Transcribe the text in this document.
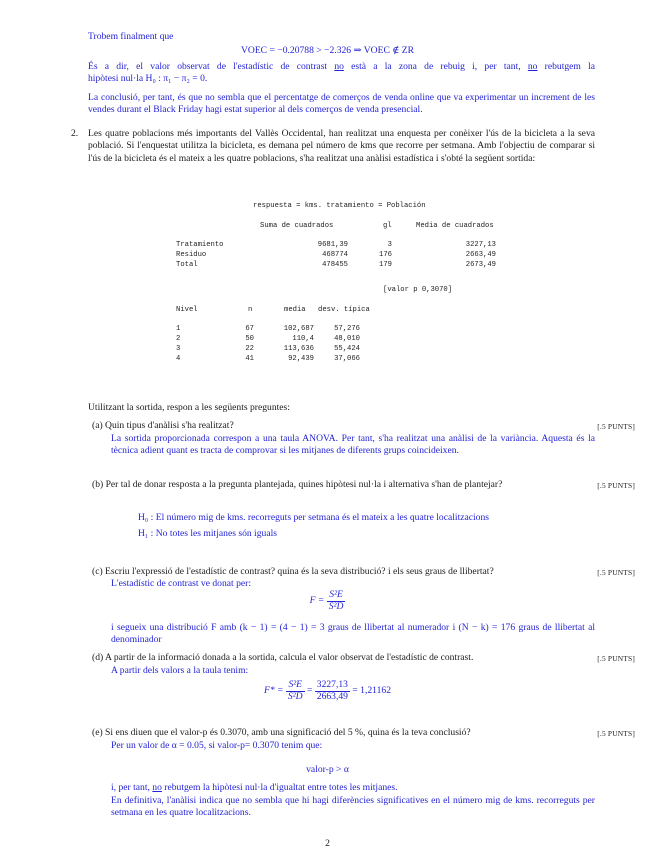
Trobem finalment que
VOEC = −0.20788 > −2.326 ⇒ VOEC ∉ ZR
És a dir, el valor observat de l'estadístic de contrast no està a la zona de rebuig i, per tant, no rebutgem la
hipòtesi nul·la H₀ : π₁ − π₂ = 0.
La conclusió, per tant, és que no sembla que el percentatge de comerços de venda online que va experimentar un increment de les vendes durant el Black Friday hagi estat superior al dels comerços de venda presencial.
2. Les quatre poblacions més importants del Vallès Occidental, han realitzat una enquesta per conèixer l'ús de la bicicleta a la seva població. Si l'enquestat utilitza la bicicleta, es demana pel número de kms que recorre per setmana. Amb l'objectiu de comparar si l'ús de la bicicleta és el mateix a les quatre poblacions, s'ha realitzat una anàlisi estadística i s'obté la següent sortida:
respuesta = kms. tratamiento = Población
Suma de cuadrados	gl	Media de cuadrados
Tratamiento	9681,39	3	3227,13
Residuo	468774	176	2663,49
Total	478455	179	2673,49
[valor p 0,3070]
Nivel	n	media desv. típica
1	67	102,687	57,276
2	50	110,4	48,010
3	22	113,636	55,424
4	41	92,439	37,066
Utilitzant la sortida, respon a les següents preguntes:
(a) Quin tipus d'anàlisi s'ha realitzat?	[.5 PUNTS]
La sortida proporcionada correspon a una taula ANOVA. Per tant, s'ha realitzat una anàlisi de la variància. Aquesta és la tècnica adient quant es tracta de comprovar si les mitjanes de diferents grups coincideixen.
(b) Per tal de donar resposta a la pregunta plantejada, quines hipòtesi nul·la i alternativa s'han de plantejar?	[.5 PUNTS]
H₀ : El número mig de kms. recorreguts per setmana és el mateix a les quatre localitzacions
H₁ : No totes les mitjanes són iguals
(c) Escriu l'expressió de l'estadístic de contrast? quina és la seva distribució? i els seus graus de llibertat?	[.5 PUNTS]
L'estadístic de contrast ve donat per:
$F = \frac{\text{S²E}}{\text{S²D}}$
i segueix una distribució F amb (k − 1) = (4 − 1) = 3 graus de llibertat al numerador i (N − k) = 176 graus de llibertat al denominador
(d) A partir de la informació donada a la sortida, calcula el valor observat de l'estadístic de contrast.	[.5 PUNTS]
A partir dels valors a la taula tenim:
$F* = \frac{\text{S²E}}{\text{S²D}} = \frac{3227,13}{2663,49} = 1,21162$
(e) Si ens diuen que el valor-p és 0.3070, amb una significació del 5 %, quina és la teva conclusió?	[.5 PUNTS]
Per un valor de α = 0.05, si valor-p= 0.3070 tenim que:
valor-p > α
i, per tant, no rebutgem la hipòtesi nul·la d'igualtat entre totes les mitjanes.
En definitiva, l'anàlisi indica que no sembla que hi hagi diferències significatives en el número mig de kms. recorreguts per setmana en les quatre localitzacions.
2
